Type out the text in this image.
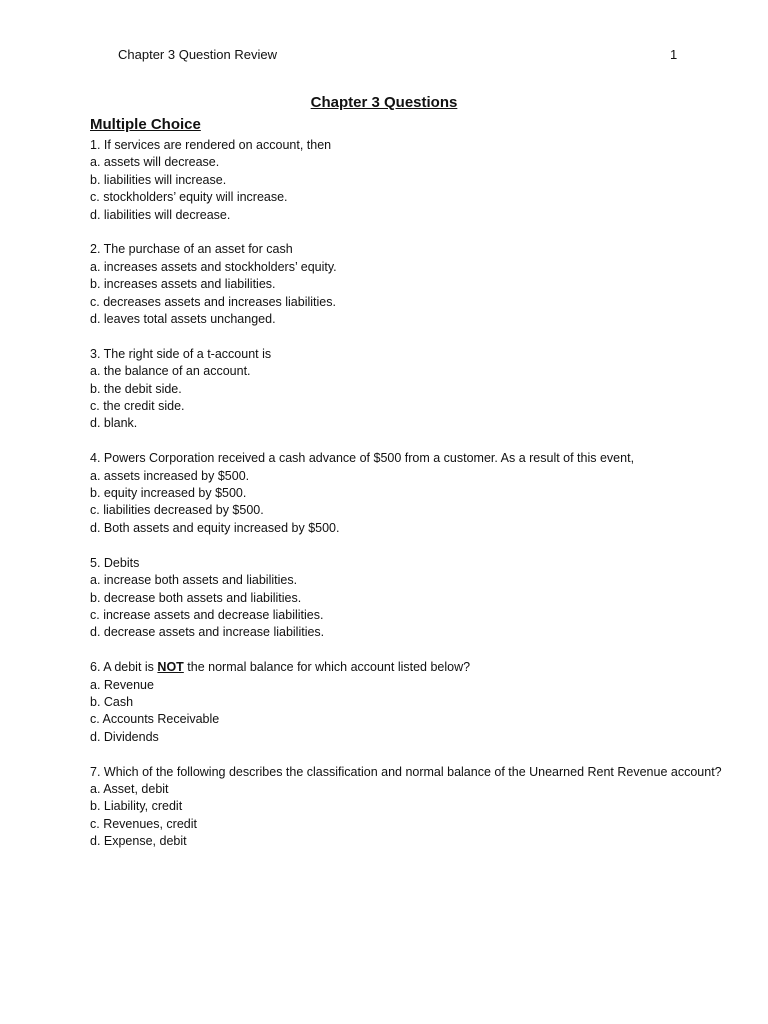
Chapter 3 Question Review	1
Chapter 3 Questions
Multiple Choice
1. If services are rendered on account, then
a. assets will decrease.
b. liabilities will increase.
c. stockholders’ equity will increase.
d. liabilities will decrease.
2. The purchase of an asset for cash
a. increases assets and stockholders’ equity.
b. increases assets and liabilities.
c. decreases assets and increases liabilities.
d. leaves total assets unchanged.
3. The right side of a t-account is
a. the balance of an account.
b. the debit side.
c. the credit side.
d. blank.
4. Powers Corporation received a cash advance of $500 from a customer. As a result of this event,
a. assets increased by $500.
b. equity increased by $500.
c. liabilities decreased by $500.
d. Both assets and equity increased by $500.
5. Debits
a. increase both assets and liabilities.
b. decrease both assets and liabilities.
c. increase assets and decrease liabilities.
d. decrease assets and increase liabilities.
6. A debit is NOT the normal balance for which account listed below?
a. Revenue
b. Cash
c. Accounts Receivable
d. Dividends
7. Which of the following describes the classification and normal balance of the Unearned Rent Revenue account?
a. Asset, debit
b. Liability, credit
c. Revenues, credit
d. Expense, debit
